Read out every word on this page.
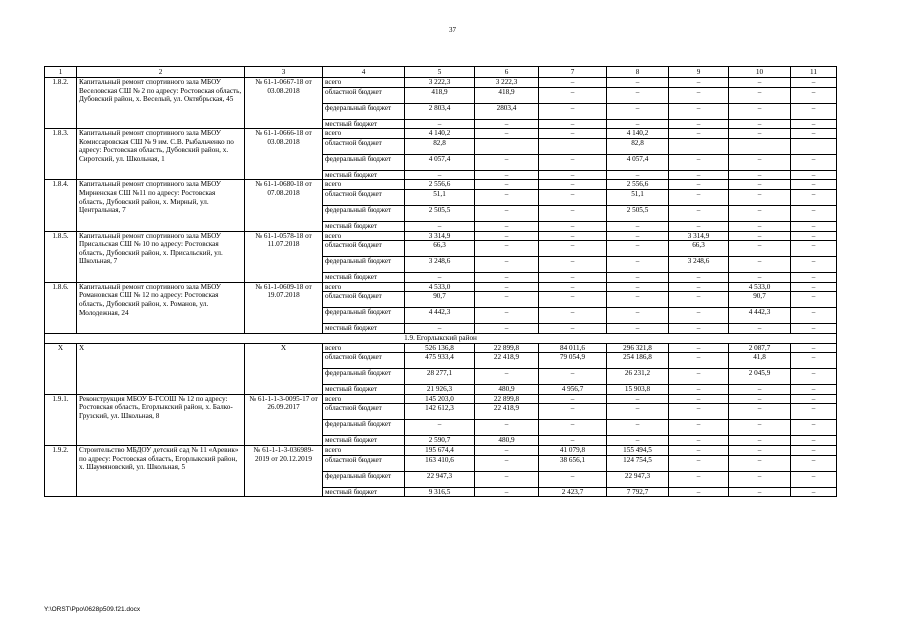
37
1	2	3	4	5	6	7	8	9	10	11
1.8.2.	Капитальный ремонт спортивного зала МБОУ Веселовская СШ № 2 по адресу: Ростовская область, Дубовский район, х. Веселый, ул. Октябрьская, 45	№ 61-1-0667-18 от 03.08.2018	всего	3 222,3	3 222,3	–	–	–	–	–
			областной бюджет	418,9	418,9	–	–	–	–	–
			федеральный бюджет	2 803,4	2803,4	–	–	–	–	–
			местный бюджет	–	–	–	–	–	–	–
1.8.3.	Капитальный ремонт спортивного зала МБОУ Комиссаровская СШ № 9 им. С.В. Рыбальченко по адресу: Ростовская область, Дубовский район, х. Сиротский, ул. Школьная, 1	№ 61-1-0666-18 от 03.08.2018	всего	4 140,2	–	–	4 140,2	–	–	–
			областной бюджет	82,8			82,8			
			федеральный бюджет	4 057,4	–	–	4 057,4	–	–	–
			местный бюджет	–	–	–	–	–	–	–
1.8.4.	Капитальный ремонт спортивного зала МБОУ Мирненская СШ №11 по адресу: Ростовская область, Дубовский район, х. Мирный, ул. Центральная, 7	№ 61-1-0680-18 от 07.08.2018	всего	2 556,6	–	–	2 556,6	–	–	–
			областной бюджет	51,1	–	–	51,1	–	–	–
			федеральный бюджет	2 505,5	–	–	2 505,5	–	–	–
			местный бюджет	–	–	–	–	–	–	–
1.8.5.	Капитальный ремонт спортивного зала МБОУ Присальская СШ № 10 по адресу: Ростовская область, Дубовский район, х. Присальский, ул. Школьная, 7	№ 61-1-0578-18 от 11.07.2018	всего	3 314,9	–	–	–	3 314,9	–	–
			областной бюджет	66,3	–	–	–	66,3	–	–
			федеральный бюджет	3 248,6	–	–	–	3 248,6	–	–
			местный бюджет	–	–	–	–	–	–	–
1.8.6.	Капитальный ремонт спортивного зала МБОУ Романовская СШ № 12 по адресу: Ростовская область, Дубовский район, х. Романов, ул. Молодежная, 24	№ 61-1-0609-18 от 19.07.2018	всего	4 533,0	–	–	–	–	4 533,0	–
			областной бюджет	90,7	–	–	–	–	90,7	–
			федеральный бюджет	4 442,3	–	–	–	–	4 442,3	–
			местный бюджет	–	–	–	–	–	–	–
1.9. Егорлыкский район										
X	X	X	всего	526 136,8	22 899,8	84 011,6	296 321,8	–	2 087,7	–
			областной бюджет	475 933,4	22 418,9	79 054,9	254 186,8	–	41,8	–
			федеральный бюджет	28 277,1	–	–	26 231,2	–	2 045,9	–
			местный бюджет	21 926,3	480,9	4 956,7	15 903,8	–	–	–
1.9.1.	Реконструкция МБОУ Б-ГСОШ № 12 по адресу: Ростовская область, Егорлыкский район, х. Балко-Грузский, ул. Школьная, 8	№ 61-1-1-3-0095-17 от 26.09.2017	всего	145 203,0	22 899,8	–	–	–	–	–
			областной бюджет	142 612,3	22 418,9	–	–	–	–	–
			федеральный бюджет	–	–	–	–	–	–	–
			местный бюджет	2 590,7	480,9	–	–	–	–	–
1.9.2.	Строительство МБДОУ детский сад № 11 «Аревик» по адресу: Ростовская область, Егорлыкский район, х. Шаумяновский, ул. Школьная, 5	№ 61-1-1-3-036989-2019 от 20.12.2019	всего	195 674,4	–	41 079,8	155 494,5	–	–	–
			областной бюджет	163 410,6	–	38 656,1	124 754,5	–	–	–
			федеральный бюджет	22 947,3	–	–	22 947,3	–	–	–
			местный бюджет	9 316,5	–	2 423,7	7 792,7	–	–	–
Y:\ORST\Ppo\0628p509.f21.docx
